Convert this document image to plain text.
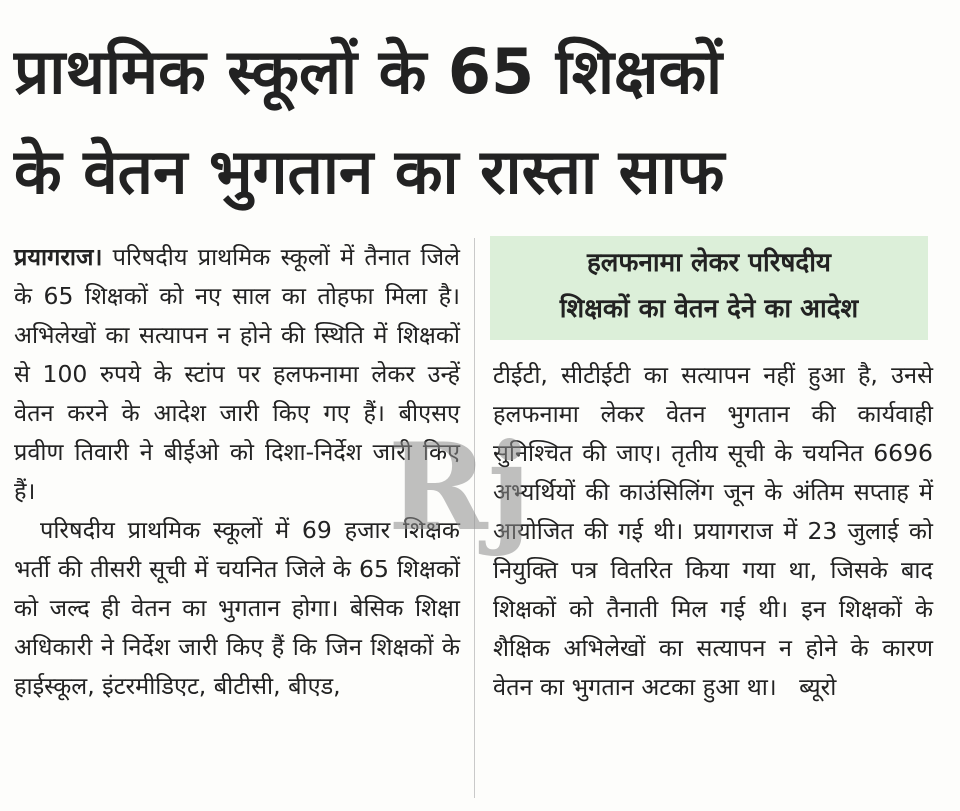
प्राथमिक स्कूलों के 65 शिक्षकों
के वेतन भुगतान का रास्ता साफ

प्रयागराज। परिषदीय प्राथमिक स्कूलों में तैनात जिले के 65 शिक्षकों को नए साल का तोहफा मिला है। अभिलेखों का सत्यापन न होने की स्थिति में शिक्षकों से 100 रुपये के स्टांप पर हलफनामा लेकर उन्हें वेतन करने के आदेश जारी किए गए हैं। बीएसए प्रवीण तिवारी ने बीईओ को दिशा-निर्देश जारी किए हैं।

परिषदीय प्राथमिक स्कूलों में 69 हजार शिक्षक भर्ती की तीसरी सूची में चयनित जिले के 65 शिक्षकों को जल्द ही वेतन का भुगतान होगा। बेसिक शिक्षा अधिकारी ने निर्देश जारी किए हैं कि जिन शिक्षकों के हाईस्कूल, इंटरमीडिएट, बीटीसी, बीएड,

हलफनामा लेकर परिषदीय
शिक्षकों का वेतन देने का आदेश

टीईटी, सीटीईटी का सत्यापन नहीं हुआ है, उनसे हलफनामा लेकर वेतन भुगतान की कार्यवाही सुनिश्चित की जाए। तृतीय सूची के चयनित 6696 अभ्यर्थियों की काउंसिलिंग जून के अंतिम सप्ताह में आयोजित की गई थी। प्रयागराज में 23 जुलाई को नियुक्ति पत्र वितरित किया गया था, जिसके बाद शिक्षकों को तैनाती मिल गई थी। इन शिक्षकों के शैक्षिक अभिलेखों का सत्यापन न होने के कारण वेतन का भुगतान अटका हुआ था। ब्यूरो

Rj
